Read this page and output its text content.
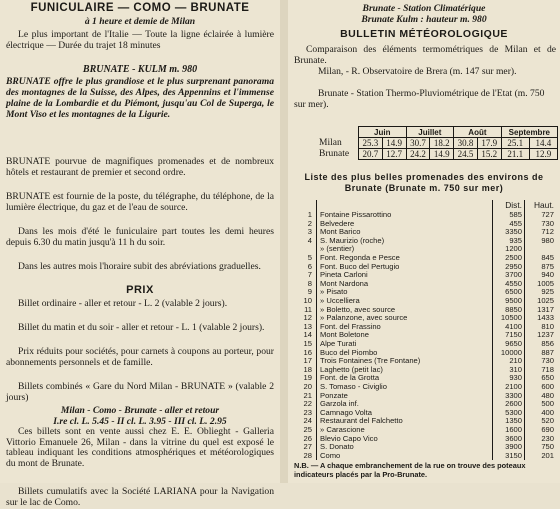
FUNICULAIRE — COMO — BRUNATE
à 1 heure et demie de Milan
Le plus important de l'Italie — Toute la ligne éclairée à lumière électrique — Durée du trajet 18 minutes
BRUNATE - KULM m. 980
BRUNATE offre le plus grandiose et le plus surprenant panorama des montagnes de la Suisse, des Alpes, des Appennins et l'immense plaine de la Lombardie et du Piémont, jusqu'au Col de Superga, le Mont Viso et les montagnes de la Ligurie.
BRUNATE pourvue de magnifiques promenades et de nombreux hôtels et restaurant de premier et second ordre.
BRUNATE est fournie de la poste, du télégraphe, du téléphone, de la lumière électrique, du gaz et de l'eau de source.
Dans les mois d'été le funiculaire part toutes les demi heures depuis 6.30 du matin jusqu'à 11 h du soir.
Dans les autres mois l'horaire subit des abréviations graduelles.
PRIX
Billet ordinaire - aller et retour - L. 2 (valable 2 jours).
Billet du matin et du soir - aller et retour - L. 1 (valable 2 jours).
Prix réduits pour sociétés, pour carnets à coupons au porteur, pour abonnements personnels et de famille.
Billets combinés « Gare du Nord Milan - BRUNATE » (valable 2 jours)
Milan - Como - Brunate - aller et retour
I.re cl. L. 5.45 - II cl. L. 3.95 - III cl. L. 2.95
Ces billets sont en vente aussi chez E. E. Oblieght - Galleria Vittorio Emanuele 26, Milan - dans la vitrine du quel est exposé le tableau indiquant les conditions atmosphériques et météorologiques du mont de Brunate.
Billets cumulatifs avec la Société LARIANA pour la Navigation sur le lac de Como.
Brunate - Station Climatérique
Brunate Kulm : hauteur m. 980
BULLETIN MÉTÉOROLOGIQUE
Comparaison des éléments termométriques de Milan et de Brunate.
Milan, - R. Observatoire de Brera (m. 147 sur mer).
Brunate - Station Thermo-Pluviométrique de l'Etat (m. 750 sur mer).
	Juin		Juillet		Août		Septembre	
Milan	25.3	14.9	30.7	18.2	30.8	17.9	25.1	14.4
Brunate	20.7	12.7	24.2	14.9	24.5	15.2	21.1	12.9
Liste des plus belles promenades des environs de Brunate (Brunate m. 750 sur mer)
Dist.	Haut.
1 Fontaine Pissarottino	585	727
2 Belvedere	455	730
3 Mont Barico	3350	712
4 S. Maurizio (roche)	935	980
» (sentier)	1200
5 Font. Regonda e Pesce	2500	845
6 Font. Buco del Pertugio	2950	875
7 Pineta Carloni	3700	940
8 Mont Nardona	4550	1005
9 » Pisato	6500	925
10 » Uccelliera	9500	1025
11 » Boletto, avec source	8850	1317
12 » Palanzone, avec source	10500	1433
13 Font. del Frassino	4100	810
14 Mont Boletone	7150	1237
15 Alpe Turati	9650	856
16 Buco del Piombo	10000	887
17 Trois Fontaines (Tre Fontane)	210	730
18 Laghetto (petit lac)	310	718
19 Font. de la Grotta	930	650
20 S. Tomaso - Civiglio	2100	600
21 Ponzate	3300	480
22 Garzola inf.	2600	500
23 Camnago Volta	5300	400
24 Restaurant del Falchetto	1350	520
25 » Carascione	1600	690
26 Blevio Capo Vico	3600	230
27 S. Donato	3900	750
28 Como	3150	201
N.B. — A chaque embranchement de la rue on trouve des poteaux indicateurs placés par la Pro-Brunate.
